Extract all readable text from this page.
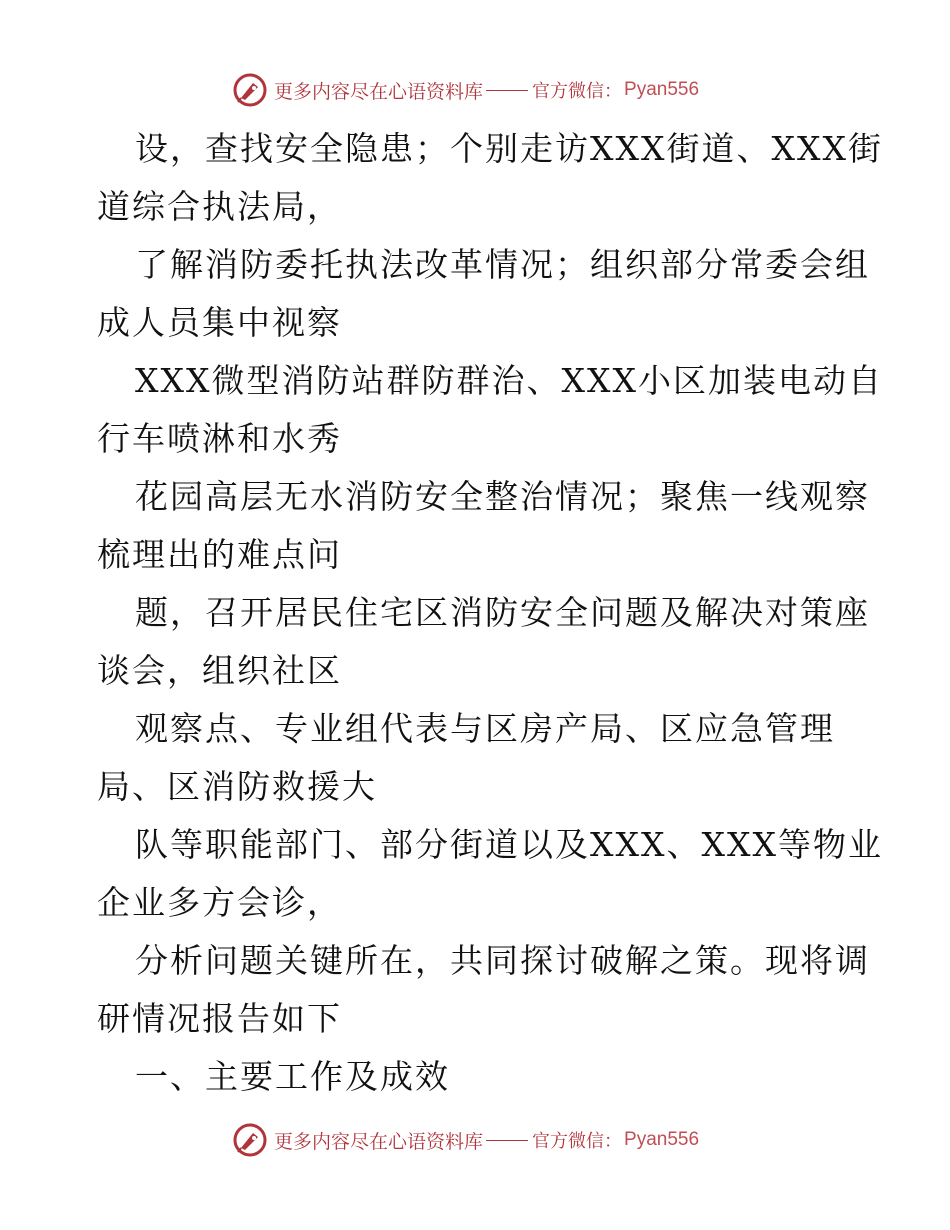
更多内容尽在心语资料库	官方微信： Pyan556
设，查找安全隐患；个别走访XXX街道、XXX街
道综合执法局，
了解消防委托执法改革情况；组织部分常委会组
成人员集中视察
XXX微型消防站群防群治、XXX小区加装电动自
行车喷淋和水秀
花园高层无水消防安全整治情况；聚焦一线观察
梳理出的难点问
题，召开居民住宅区消防安全问题及解决对策座
谈会，组织社区
观察点、专业组代表与区房产局、区应急管理
局、区消防救援大
队等职能部门、部分街道以及XXX、XXX等物业
企业多方会诊，
分析问题关键所在，共同探讨破解之策。现将调
研情况报告如下
一、主要工作及成效
更多内容尽在心语资料库	官方微信： Pyan556
